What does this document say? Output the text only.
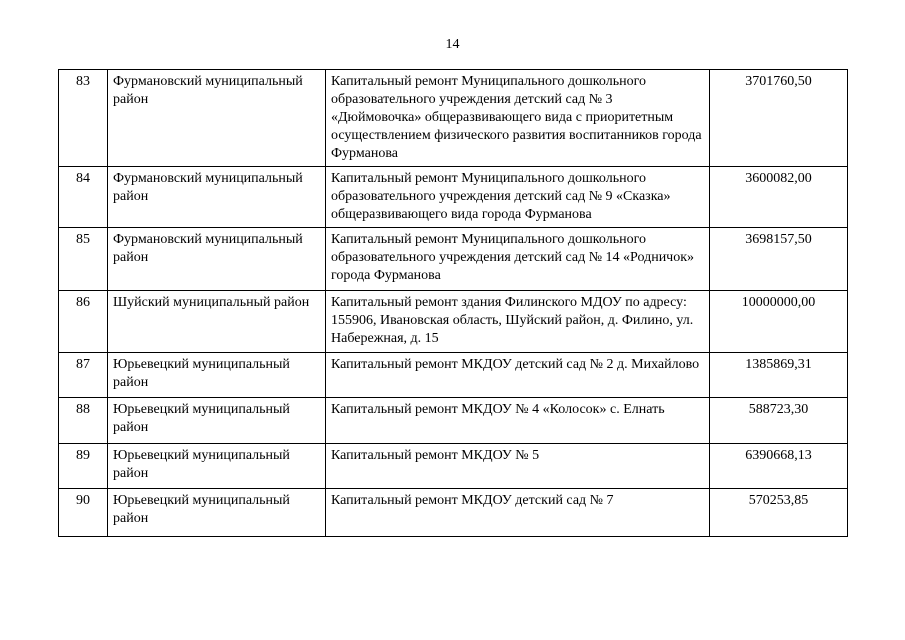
14
83	Фурмановский муниципальный район	Капитальный ремонт Муниципального дошкольного образовательного учреждения детский сад № 3 «Дюймовочка» общеразвивающего вида с приоритетным осуществлением физического развития воспитанников города Фурманова	3701760,50
84	Фурмановский муниципальный район	Капитальный ремонт Муниципального дошкольного образовательного учреждения детский сад № 9 «Сказка» общеразвивающего вида города Фурманова	3600082,00
85	Фурмановский муниципальный район	Капитальный ремонт Муниципального дошкольного образовательного учреждения детский сад № 14 «Родничок» города Фурманова	3698157,50
86	Шуйский муниципальный район	Капитальный ремонт здания Филинского МДОУ по адресу: 155906, Ивановская область, Шуйский район, д. Филино, ул. Набережная, д. 15	10000000,00
87	Юрьевецкий муниципальный район	Капитальный ремонт МКДОУ детский сад № 2 д. Михайлово	1385869,31
88	Юрьевецкий муниципальный район	Капитальный ремонт МКДОУ № 4 «Колосок» с. Елнать	588723,30
89	Юрьевецкий муниципальный район	Капитальный ремонт МКДОУ № 5	6390668,13
90	Юрьевецкий муниципальный район	Капитальный ремонт МКДОУ детский сад № 7	570253,85
